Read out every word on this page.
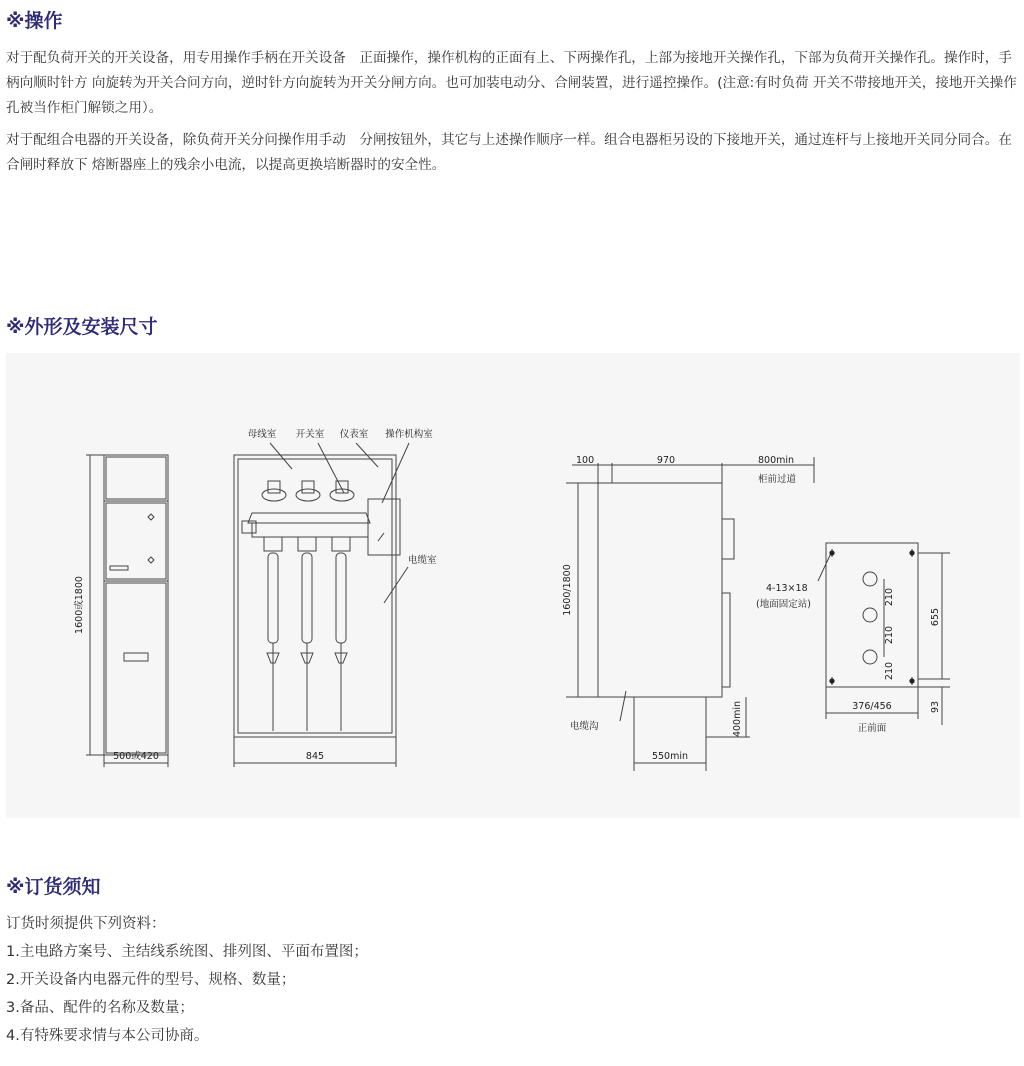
※操作

对于配负荷开关的开关设备，用专用操作手柄在开关设备　正面操作，操作机构的正面有上、下两操作孔，上部为接地开关操作孔，下部为负荷开关操作孔。操作时，手柄向顺时针方 向旋转为开关合问方向，逆时针方向旋转为开关分闸方向。也可加装电动分、合闸装置，进行遥控操作。(注意:有时负荷 开关不带接地开关，接地开关操作孔被当作柜门解锁之用）。

对于配组合电器的开关设备，除负荷开关分问操作用手动　分闸按钮外，其它与上述操作顺序一样。组合电器柜另设的下接地开关，通过连杆与上接地开关同分同合。在合闸时释放下 熔断器座上的残余小电流，以提高更换培断器时的安全性。

※外形及安装尺寸
1600或1800
500或420
母线室 开关室 仪表室 操作机构室
电缆室
845
100	970	800min
柜前过道
1600/1800
电缆沟	400min
550min
4-13×18
(地面固定站)	210
210
210
655
93
376/456
正前面
※订货须知
订货时须提供下列资料：
1.主电路方案号、主结线系统图、排列图、平面布置图；
2.开关设备内电器元件的型号、规格、数量；
3.备品、配件的名称及数量；
4.有特殊要求情与本公司协商。
